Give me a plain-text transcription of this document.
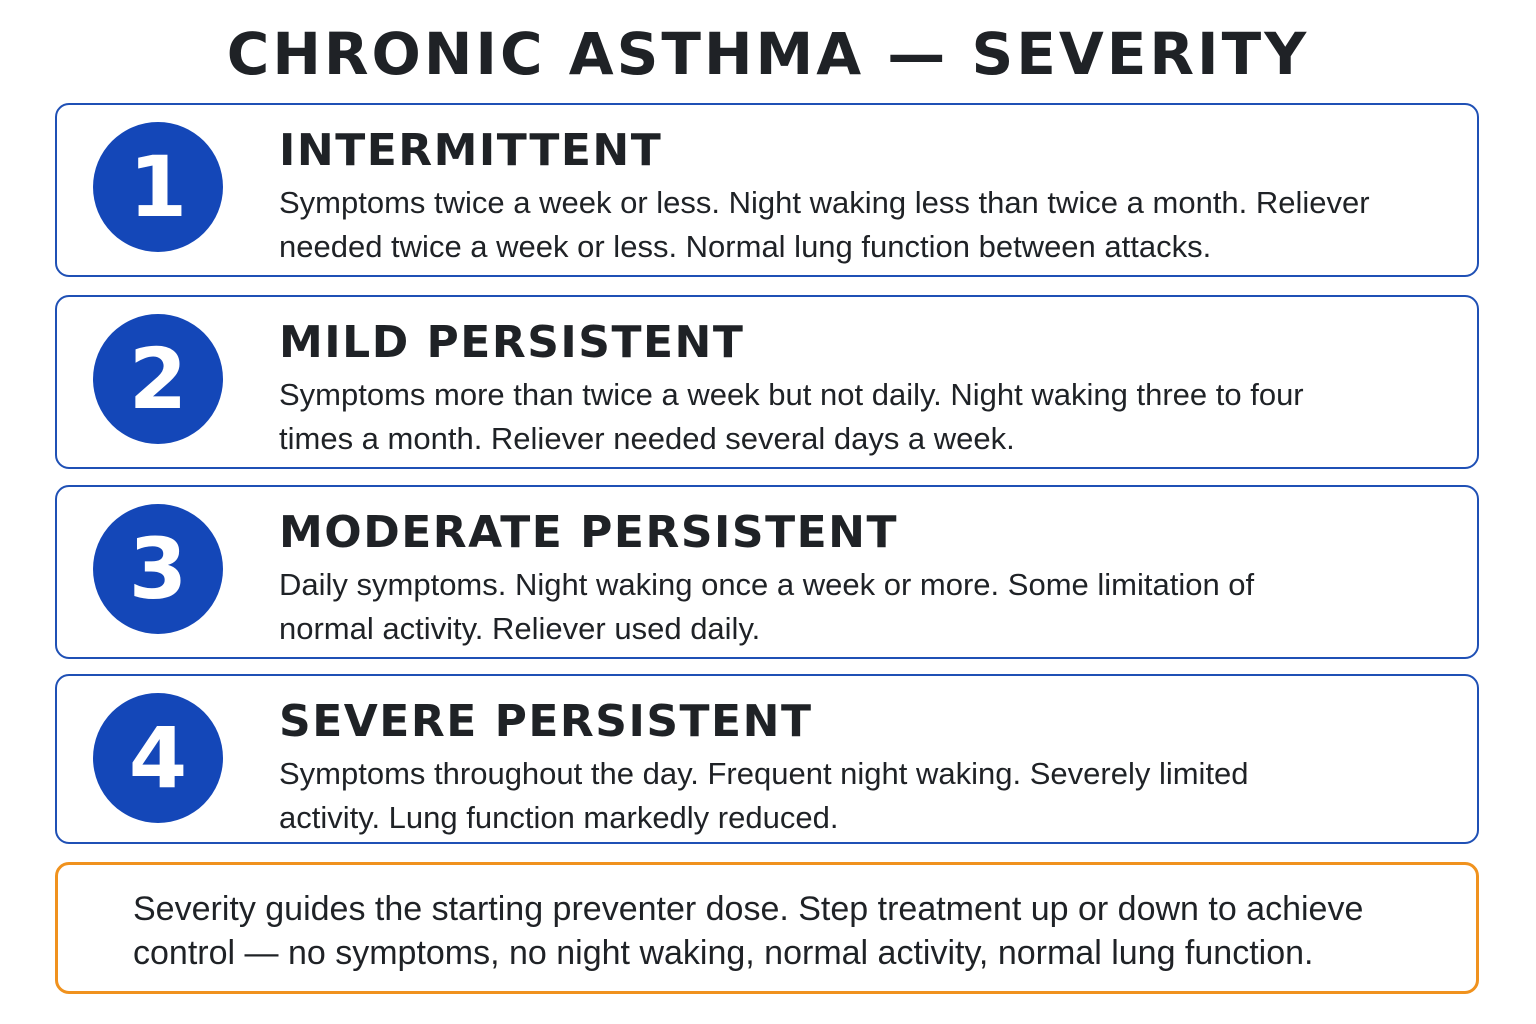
CHRONIC ASTHMA — SEVERITY
1	INTERMITTENT
Symptoms twice a week or less. Night waking less than twice a month. Reliever needed twice a week or less. Normal lung function between attacks.
2	MILD PERSISTENT
Symptoms more than twice a week but not daily. Night waking three to four times a month. Reliever needed several days a week.
3	MODERATE PERSISTENT
Daily symptoms. Night waking once a week or more. Some limitation of normal activity. Reliever used daily.
4	SEVERE PERSISTENT
Symptoms throughout the day. Frequent night waking. Severely limited activity. Lung function markedly reduced.
Severity guides the starting preventer dose. Step treatment up or down to achieve control — no symptoms, no night waking, normal activity, normal lung function.
